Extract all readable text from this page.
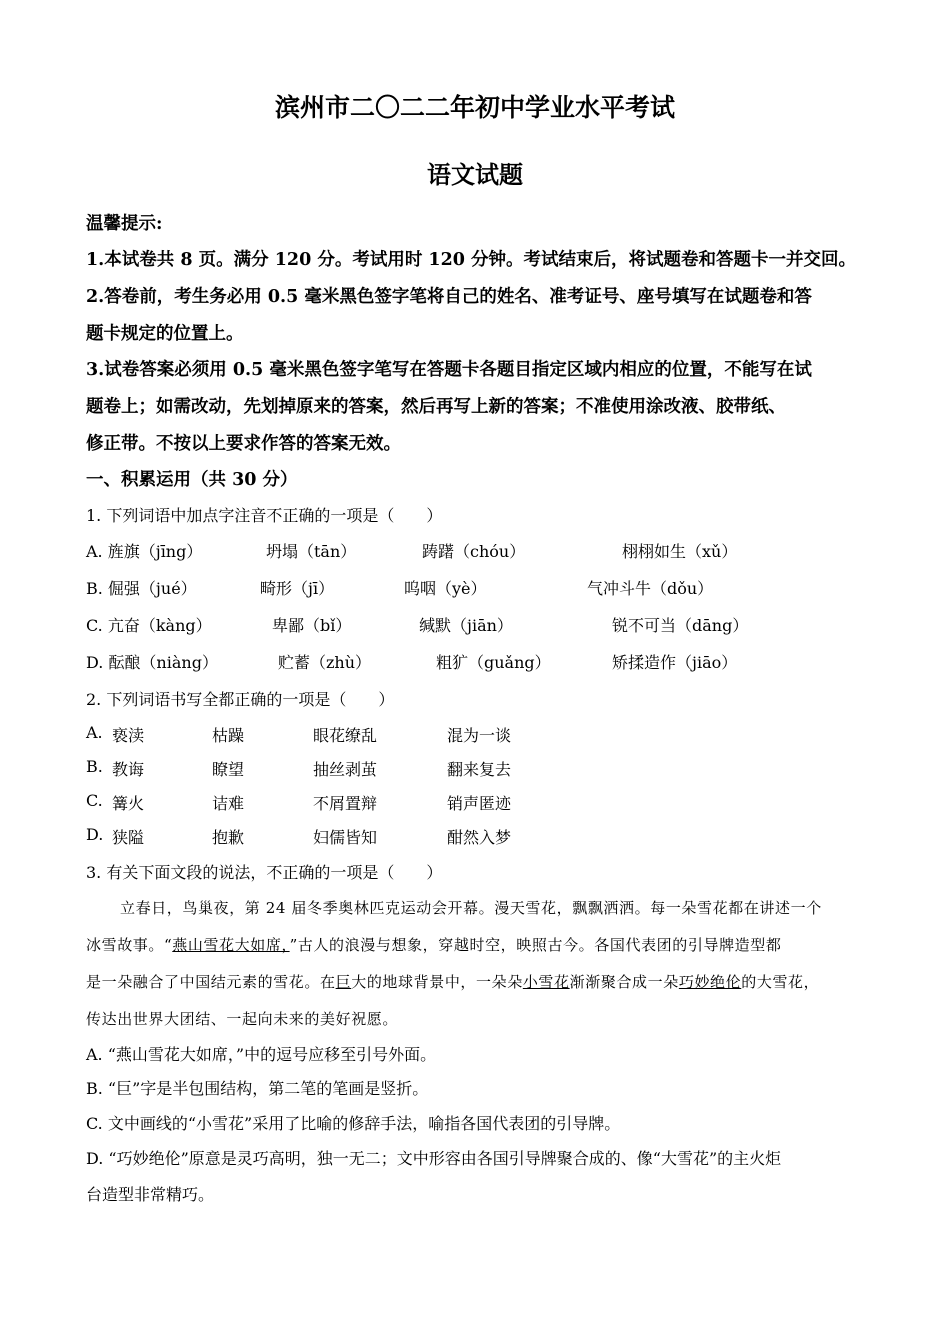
滨州市二〇二二年初中学业水平考试
语文试题
温馨提示:
1.本试卷共 8 页。满分 120 分。考试用时 120 分钟。考试结束后，将试题卷和答题卡一并交回。
2.答卷前，考生务必用 0.5 毫米黑色签字笔将自己的姓名、准考证号、座号填写在试题卷和答
题卡规定的位置上。
3.试卷答案必须用 0.5 毫米黑色签字笔写在答题卡各题目指定区域内相应的位置，不能写在试
题卷上；如需改动，先划掉原来的答案，然后再写上新的答案；不准使用涂改液、胶带纸、
修正带。不按以上要求作答的答案无效。
一、积累运用（共 30 分）
1. 下列词语中加点字注音不正确的一项是（　　）
A. 旌旗（jīng）	坍塌（tān）	踌躇（chóu）	栩栩如生（xǔ）
B. 倔强（jué）	畸形（jī）	呜咽（yè）	气冲斗牛（dǒu）
C. 亢奋（kàng）	卑鄙（bǐ）	缄默（jiān）	锐不可当（dāng）
D. 酝酿（niàng）	贮蓄（zhù）	粗犷（guǎng）	矫揉造作（jiāo）
2. 下列词语书写全都正确的一项是（　　）
A. 亵渎	枯躁	眼花缭乱	混为一谈
B. 教诲	瞭望	抽丝剥茧	翻来复去
C. 篝火	诘难	不屑置辩	销声匿迹
D. 狭隘	抱歉	妇儒皆知	酣然入梦
3. 有关下面文段的说法，不正确的一项是（　　）
立春日，鸟巢夜，第 24 届冬季奥林匹克运动会开幕。漫天雪花，飘飘洒洒。每一朵雪花都在讲述一个
冰雪故事。“燕山雪花大如席，”古人的浪漫与想象，穿越时空，映照古今。各国代表团的引导牌造型都
是一朵融合了中国结元素的雪花。在巨大的地球背景中，一朵朵小雪花渐渐聚合成一朵巧妙绝伦的大雪花，
传达出世界大团结、一起向未来的美好祝愿。
A. “燕山雪花大如席，”中的逗号应移至引号外面。
B. “巨”字是半包围结构，第二笔的笔画是竖折。
C. 文中画线的“小雪花”采用了比喻的修辞手法，喻指各国代表团的引导牌。
D. “巧妙绝伦”原意是灵巧高明，独一无二；文中形容由各国引导牌聚合成的、像“大雪花”的主火炬
台造型非常精巧。
